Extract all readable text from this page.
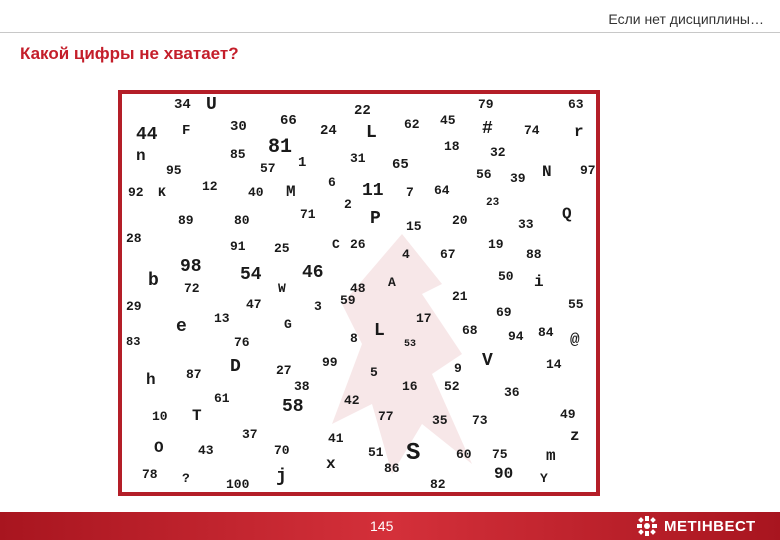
Если нет дисциплины…
Какой цифры не хватает?
34 U	22	79	63
44 F	30 66
24 L 62 45 # 74 r
n	81
85
18 32
95	57 1	31 65
56 39 N 97
92 K	12 40 M
6 11 7 64
23
2
89	80	71	P 15 20	Q
33
28
91 25	C 26
4 67
19
88
98 54 46
b 72	W	48 A	50 i
21
29	47	3	55
13	G	17	69
e	L	68 94 84 @
83	76	8	53
D	99	9 V	14
h 87	27	5
52
38	16	36
61	42
58
10 T	77	35 73	49
37	41	z
O	43	70	51 S	60 75 m
86
78 ?	100 j
x
82
90 Y
59
145	МЕТІНВЕСТ
